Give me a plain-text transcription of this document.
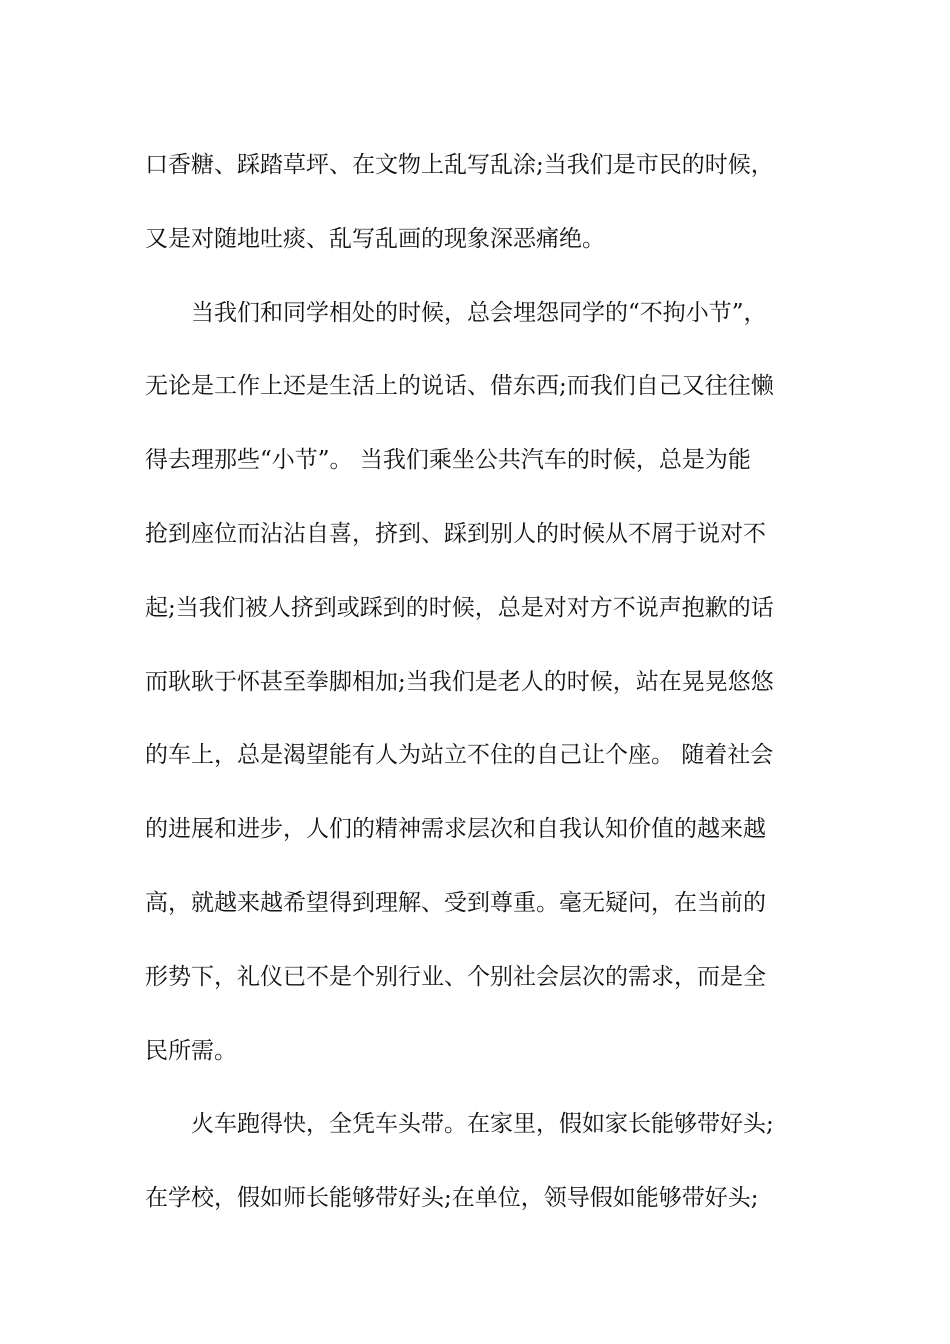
口香糖、踩踏草坪、在文物上乱写乱涂;当我们是市民的时候，
又是对随地吐痰、乱写乱画的现象深恶痛绝。
　　当我们和同学相处的时候，总会埋怨同学的“不拘小节”，
无论是工作上还是生活上的说话、借东西;而我们自己又往往懒
得去理那些“小节”。 当我们乘坐公共汽车的时候，总是为能
抢到座位而沾沾自喜，挤到、踩到别人的时候从不屑于说对不
起;当我们被人挤到或踩到的时候，总是对对方不说声抱歉的话
而耿耿于怀甚至拳脚相加;当我们是老人的时候，站在晃晃悠悠
的车上，总是渴望能有人为站立不住的自己让个座。 随着社会
的进展和进步，人们的精神需求层次和自我认知价值的越来越
高，就越来越希望得到理解、受到尊重。毫无疑问，在当前的
形势下，礼仪已不是个别行业、个别社会层次的需求，而是全
民所需。
　　火车跑得快，全凭车头带。在家里，假如家长能够带好头;
在学校，假如师长能够带好头;在单位，领导假如能够带好头;
